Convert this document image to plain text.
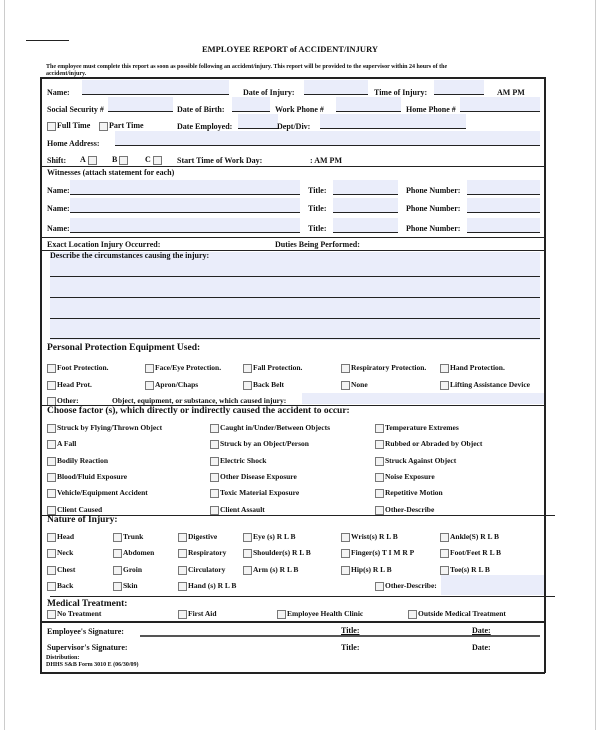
EMPLOYEE REPORT of ACCIDENT/INJURY
The employee must complete this report as soon as possible following an accident/injury. This report will be provided to the supervisor within 24 hours of the
accident/injury.
Name:	Date of Injury:	Time of Injury:	AM PM
Social Security #	Date of Birth:	Work Phone #	Home Phone #
Full Time Part Time	Date Employed:	Dept/Div:
Home Address:
Shift: A	B	C	Start Time of Work Day:	: AM PM
Witnesses (attach statement for each)
Name:	Title:	Phone Number:
Name:	Title:	Phone Number:
Name:	Title:	Phone Number:
Exact Location Injury Occurred:	Duties Being Performed:
Describe the circumstances causing the injury:
Personal Protection Equipment Used:
Foot Protection.	Face/Eye Protection.	Fall Protection.	Respiratory Protection.	Hand Protection.
Head Prot.	Apron/Chaps	Back Belt	None	Lifting Assistance Device
Other:	Object, equipment, or substance, which caused injury:
Choose factor (s), which directly or indirectly caused the accident to occur:
Struck by Flying/Thrown Object	Caught in/Under/Between Objects	Temperature Extremes
A Fall	Struck by an Object/Person	Rubbed or Abraded by Object
Bodily Reaction	Electric Shock	Struck Against Object
Blood/Fluid Exposure	Other Disease Exposure	Noise Exposure
Vehicle/Equipment Accident	Toxic Material Exposure	Repetitive Motion
Client Caused	Client Assault	Other-Describe
Nature of Injury:
Head	Trunk	Digestive	Eye (s) R L B	Wrist(s) R L B	Ankle(S) R L B
Neck	Abdomen	Respiratory	Shoulder(s) R L B	Finger(s) T I M R P	Foot/Feet R L B
Chest	Groin	Circulatory	Arm (s) R L B	Hip(s) R L B	Toe(s) R L B
Back	Skin	Hand (s) R L B	Other-Describe:
Medical Treatment:
No Treatment	First Aid	Employee Health Clinic	Outside Medical Treatment
Employee's Signature:	Title:	Date:
Supervisor's Signature:	Title:	Date:
Distribution:
DHHS S&B Form 3010 E (06/30/09)
